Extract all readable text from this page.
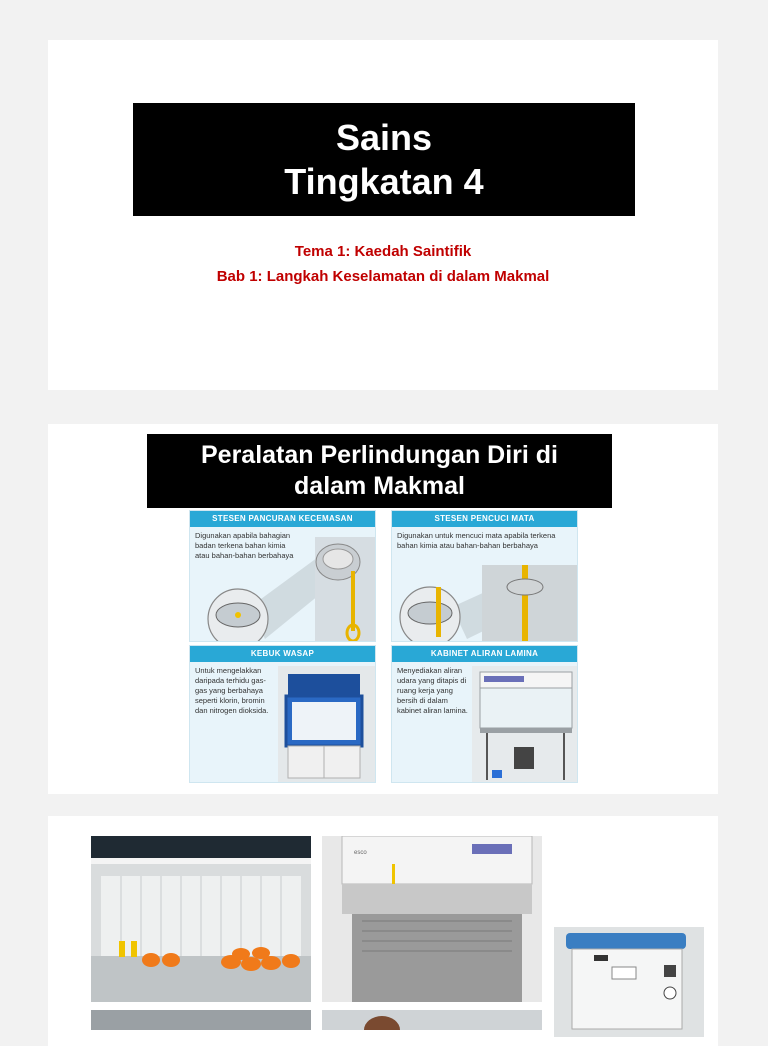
Sains
Tingkatan 4
Tema 1: Kaedah Saintifik
Bab 1: Langkah Keselamatan di dalam Makmal
Peralatan Perlindungan Diri di
dalam Makmal
STESEN PANCURAN KECEMASAN
Digunakan apabila bahagian badan terkena bahan kimia atau bahan-bahan berbahaya
STESEN PENCUCI MATA
Digunakan untuk mencuci mata apabila terkena bahan kimia atau bahan-bahan berbahaya
KEBUK WASAP
Untuk mengelakkan daripada terhidu gas-gas yang berbahaya seperti klorin, bromin dan nitrogen dioksida.
KABINET ALIRAN LAMINA
Menyediakan aliran udara yang ditapis di ruang kerja yang bersih di dalam kabinet aliran lamina.
esco
